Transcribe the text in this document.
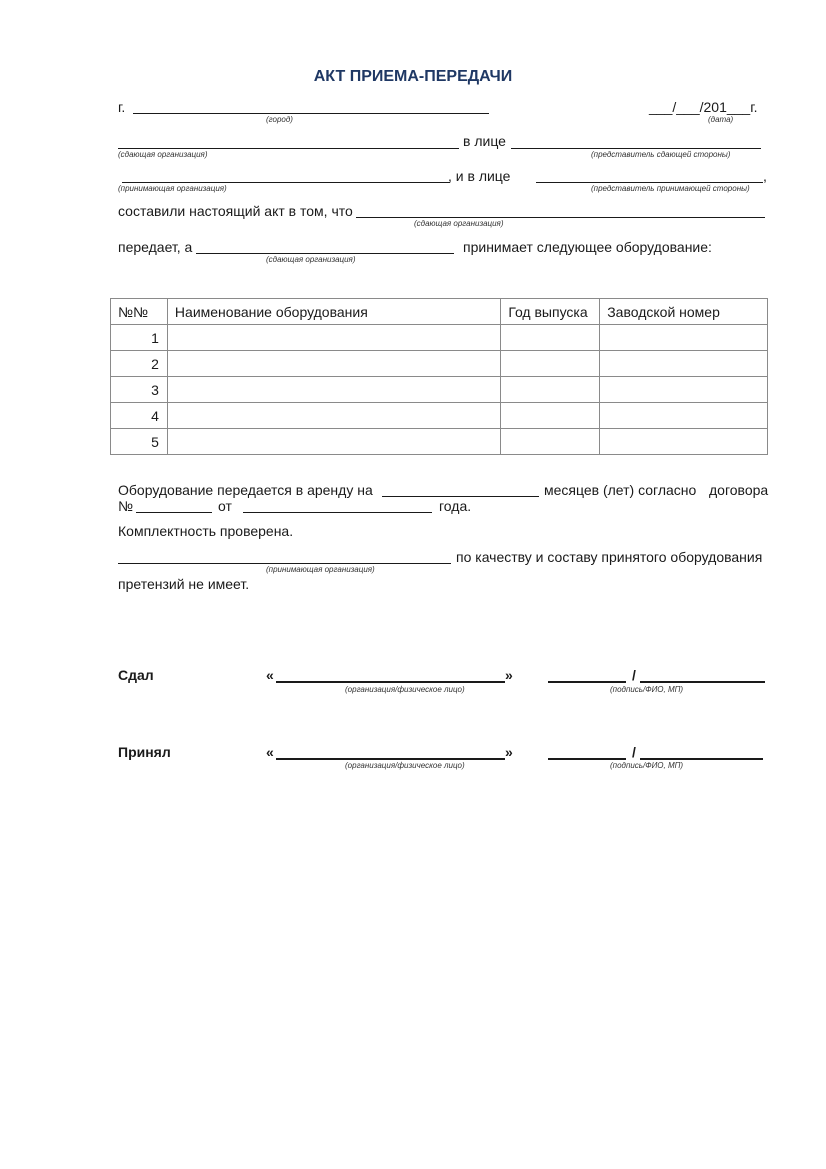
АКТ ПРИЕМА-ПЕРЕДАЧИ
г.
(город)
___/___/201___г.
(дата)
в лице
(сдающая организация)	(представитель сдающей стороны)
, и в лице	,
(принимающая организация)	(представитель принимающей стороны)
составили настоящий акт в том, что
(сдающая организация)
передает, а	принимает следующее оборудование:
(сдающая организация)
№№	Наименование оборудования	Год выпуска	Заводской номер
1			
2			
3			
4			
5			
Оборудование передается в аренду на	месяцев (лет) согласно договора
№	от	года.
Комплектность проверена.
по качеству и составу принятого оборудования
(принимающая организация)
претензий не имеет.
Сдал	«	»	/
(организация/физическое лицо)	(подпись/ФИО, МП)
Принял	«	»	/
(организация/физическое лицо)	(подпись/ФИО, МП)
